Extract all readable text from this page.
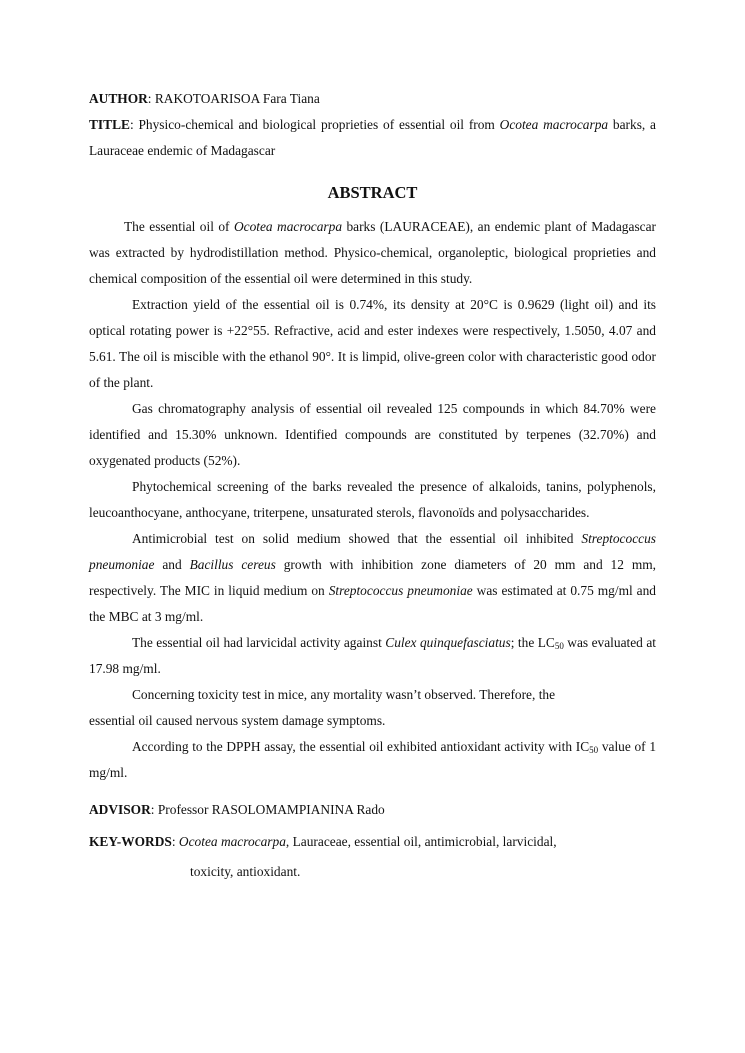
AUTHOR: RAKOTOARISOA Fara Tiana

TITLE: Physico-chemical and biological proprieties of essential oil from Ocotea macrocarpa barks, a Lauraceae endemic of Madagascar

ABSTRACT

The essential oil of Ocotea macrocarpa barks (LAURACEAE), an endemic plant of Madagascar was extracted by hydrodistillation method. Physico-chemical, organoleptic, biological proprieties and chemical composition of the essential oil were determined in this study.

Extraction yield of the essential oil is 0.74%, its density at 20°C is 0.9629 (light oil) and its optical rotating power is +22°55. Refractive, acid and ester indexes were respectively, 1.5050, 4.07 and 5.61. The oil is miscible with the ethanol 90°. It is limpid, olive-green color with characteristic good odor of the plant.

Gas chromatography analysis of essential oil revealed 125 compounds in which 84.70% were identified and 15.30% unknown. Identified compounds are constituted by terpenes (32.70%) and oxygenated products (52%).

Phytochemical screening of the barks revealed the presence of alkaloids, tanins, polyphenols, leucoanthocyane, anthocyane, triterpene, unsaturated sterols, flavonoïds and polysaccharides.

Antimicrobial test on solid medium showed that the essential oil inhibited Streptococcus pneumoniae and Bacillus cereus growth with inhibition zone diameters of 20 mm and 12 mm, respectively. The MIC in liquid medium on Streptococcus pneumoniae was estimated at 0.75 mg/ml and the MBC at 3 mg/ml.

The essential oil had larvicidal activity against Culex quinquefasciatus; the $LC_{50}$ was evaluated at 17.98 mg/ml.

Concerning toxicity test in mice, any mortality wasn’t observed. Therefore, the
essential oil caused nervous system damage symptoms.

According to the DPPH assay, the essential oil exhibited antioxidant activity with $IC_{50}$ value of 1 mg/ml.

ADVISOR: Professor RASOLOMAMPIANINA Rado

KEY-WORDS: Ocotea macrocarpa, Lauraceae, essential oil, antimicrobial, larvicidal,
toxicity, antioxidant.
